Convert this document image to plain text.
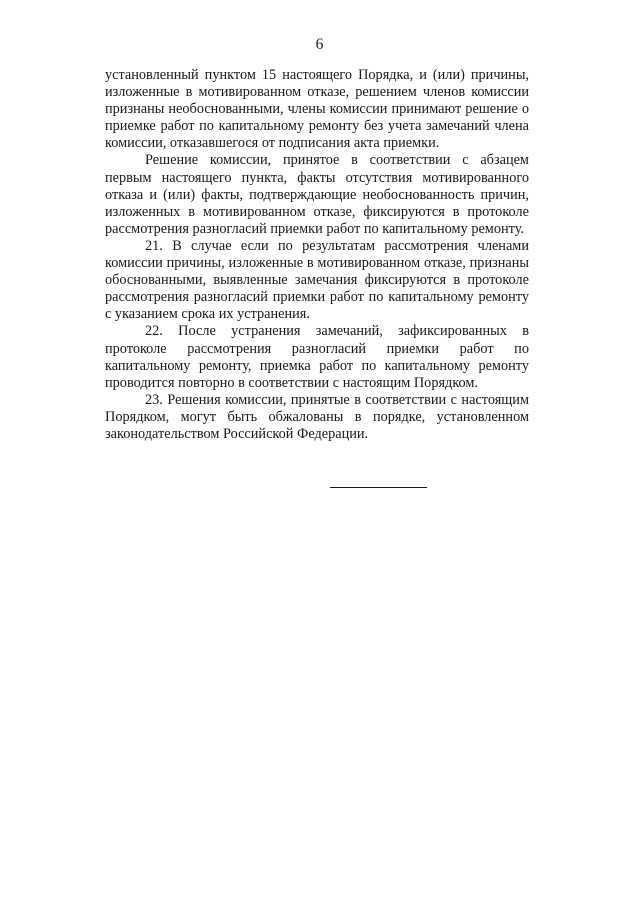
6

установленный пунктом 15 настоящего Порядка, и (или) причины, изложенные в мотивированном отказе, решением членов комиссии признаны необоснованными, члены комиссии принимают решение о приемке работ по капитальному ремонту без учета замечаний члена комиссии, отказавшегося от подписания акта приемки.

Решение комиссии, принятое в соответствии с абзацем первым настоящего пункта, факты отсутствия мотивированного отказа и (или) факты, подтверждающие необоснованность причин, изложенных в мотивированном отказе, фиксируются в протоколе рассмотрения разногласий приемки работ по капитальному ремонту.

21. В случае если по результатам рассмотрения членами комиссии причины, изложенные в мотивированном отказе, признаны обоснованными, выявленные замечания фиксируются в протоколе рассмотрения разногласий приемки работ по капитальному ремонту с указанием срока их устранения.

22. После устранения замечаний, зафиксированных в протоколе рассмотрения разногласий приемки работ по капитальному ремонту, приемка работ по капитальному ремонту проводится повторно в соответствии с настоящим Порядком.

23. Решения комиссии, принятые в соответствии с настоящим Порядком, могут быть обжалованы в порядке, установленном законодательством Российской Федерации.
